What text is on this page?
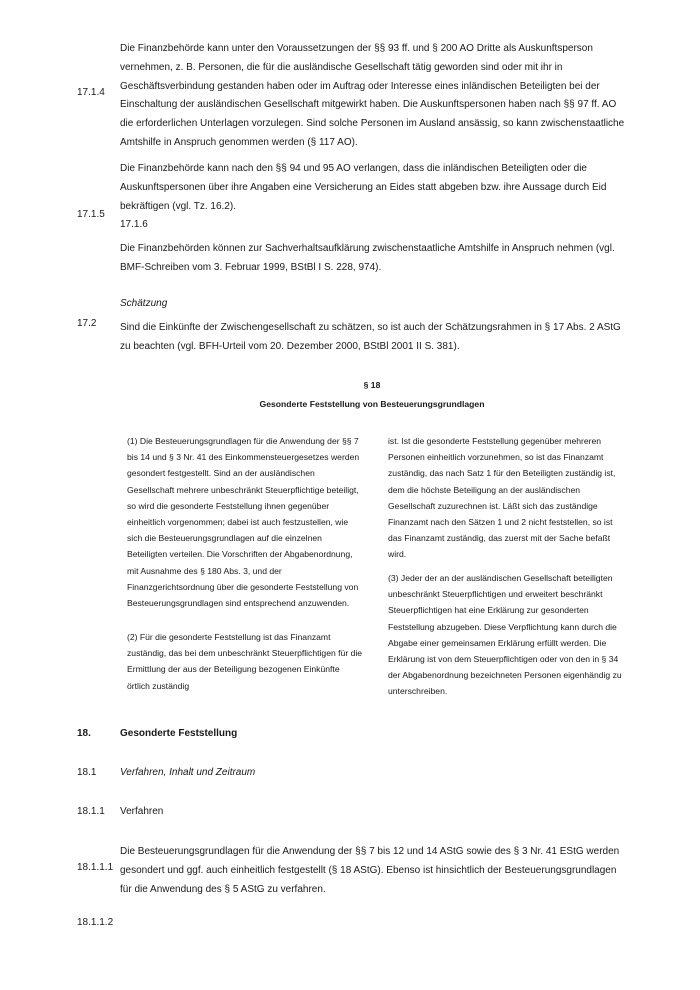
17.1.4

Die Finanzbehörde kann unter den Voraussetzungen der §§ 93 ff. und § 200 AO Dritte als Auskunftsperson vernehmen, z. B. Personen, die für die ausländische Gesellschaft tätig geworden sind oder mit ihr in Geschäftsverbindung gestanden haben oder im Auftrag oder Interesse eines inländischen Beteiligten bei der Einschaltung der ausländischen Gesellschaft mitgewirkt haben. Die Auskunftspersonen haben nach §§ 97 ff. AO die erforderlichen Unterlagen vorzulegen. Sind solche Personen im Ausland ansässig, so kann zwischenstaatliche Amtshilfe in Anspruch genommen werden (§ 117 AO).

17.1.5

Die Finanzbehörde kann nach den §§ 94 und 95 AO verlangen, dass die inländischen Beteiligten oder die Auskunftspersonen über ihre Angaben eine Versicherung an Eides statt abgeben bzw. ihre Aussage durch Eid bekräftigen (vgl. Tz. 16.2).

17.1.6

Die Finanzbehörden können zur Sachverhaltsaufklärung zwischenstaatliche Amtshilfe in Anspruch nehmen (vgl. BMF-Schreiben vom 3. Februar 1999, BStBl I S. 228, 974).

Schätzung
17.2 Sind die Einkünfte der Zwischengesellschaft zu schätzen, so ist auch der Schätzungsrahmen in § 17 Abs. 2 AStG zu beachten (vgl. BFH-Urteil vom 20. Dezember 2000, BStBl 2001 II S. 381).

§ 18
Gesonderte Feststellung von Besteuerungsgrundlagen

(1) Die Besteuerungsgrundlagen für die Anwendung der §§ 7 bis 14 und § 3 Nr. 41 des Einkommensteuergesetzes werden gesondert festgestellt. Sind an der ausländischen Gesellschaft mehrere unbeschränkt Steuerpflichtige beteiligt, so wird die gesonderte Feststellung ihnen gegenüber einheitlich vorgenommen; dabei ist auch festzustellen, wie sich die Besteuerungsgrundlagen auf die einzelnen Beteiligten verteilen. Die Vorschriften der Abgabenordnung, mit Ausnahme des § 180 Abs. 3, und der Finanzgerichtsordnung über die gesonderte Feststellung von Besteuerungsgrundlagen sind entsprechend anzuwenden.

(2) Für die gesonderte Feststellung ist das Finanzamt zuständig, das bei dem unbeschränkt Steuerpflichtigen für die Ermittlung der aus der Beteiligung bezogenen Einkünfte örtlich zuständig

ist. Ist die gesonderte Feststellung gegenüber mehreren Personen einheitlich vorzunehmen, so ist das Finanzamt zuständig, das nach Satz 1 für den Beteiligten zuständig ist, dem die höchste Beteiligung an der ausländischen Gesellschaft zuzurechnen ist. Läßt sich das zuständige Finanzamt nach den Sätzen 1 und 2 nicht feststellen, so ist das Finanzamt zuständig, das zuerst mit der Sache befaßt wird.

(3) Jeder der an der ausländischen Gesellschaft beteiligten unbeschränkt Steuerpflichtigen und erweitert beschränkt Steuerpflichtigen hat eine Erklärung zur gesonderten Feststellung abzugeben. Diese Verpflichtung kann durch die Abgabe einer gemeinsamen Erklärung erfüllt werden. Die Erklärung ist von dem Steuerpflichtigen oder von den in § 34 der Abgabenordnung bezeichneten Personen eigenhändig zu unterschreiben.

18.	Gesonderte Feststellung
18.1 Verfahren, Inhalt und Zeitraum
18.1.1 Verfahren
18.1.1.1

Die Besteuerungsgrundlagen für die Anwendung der §§ 7 bis 12 und 14 AStG sowie des § 3 Nr. 41 EStG werden gesondert und ggf. auch einheitlich festgestellt (§ 18 AStG). Ebenso ist hinsichtlich der Besteuerungsgrundlagen für die Anwendung des § 5 AStG zu verfahren.

18.1.1.2
